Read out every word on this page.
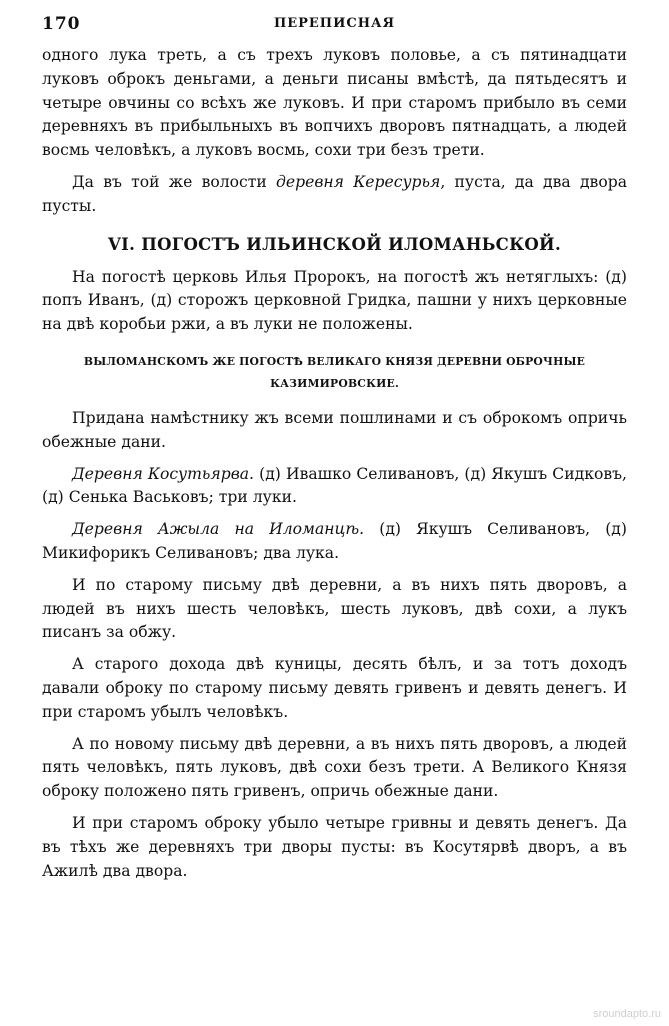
170	ПЕРЕПИСНАЯ

одного лука треть, а съ трехъ луковъ половье, а съ пятинадцати луковъ оброкъ деньгами, а деньги писаны вмѣстѣ, да пятьдесятъ и четыре овчины со всѣхъ же луковъ. И при старомъ прибыло въ семи деревняхъ въ прибыльныхъ въ вопчихъ дворовъ пятнадцать, а людей восмь человѣкъ, а луковъ восмь, сохи три безъ трети.

Да въ той же волости деревня Кересурья, пуста, да два двора пусты.

VI. ПОГОСТЪ ИЛЬИНСКОЙ ИЛОМАНЬСКОЙ.

На погостѣ церковь Илья Пророкъ, на погостѣ жъ нетяглыхъ: (д) попъ Иванъ, (д) сторожъ церковной Гридка, пашни у нихъ церковные на двѣ коробьи ржи, а въ луки не положены.

ВЫЛОМАНСКОМЪ ЖЕ ПОГОСТѢ ВЕЛИКАГО КНЯЗЯ ДЕРЕВНИ ОБРОЧНЫЕ КАЗИМИРОВСКИЕ.

Придана намѣстнику жъ всеми пошлинами и съ оброкомъ опричь обежные дани.

Деревня Косутьярва. (д) Ивашко Селивановъ, (д) Якушъ Сидковъ, (д) Сенька Васьковъ; три луки.

Деревня Ажыла на Иломанцѣ. (д) Якушъ Селивановъ, (д) Микифорикъ Селивановъ; два лука.

И по старому письму двѣ деревни, а въ нихъ пять дворовъ, а людей въ нихъ шесть человѣкъ, шесть луковъ, двѣ сохи, а лукъ писанъ за обжу.

А старого дохода двѣ куницы, десять бѣлъ, и за тотъ доходъ давали оброку по старому письму девять гривенъ и девять денегъ. И при старомъ убылъ человѣкъ.

А по новому письму двѣ деревни, а въ нихъ пять дворовъ, а людей пять человѣкъ, пять луковъ, двѣ сохи безъ трети. А Великого Князя оброку положено пять гривенъ, опричь обежные дани.

И при старомъ оброку убыло четыре гривны и девять денегъ. Да въ тѣхъ же деревняхъ три дворы пусты: въ Косутярвѣ дворъ, а въ Ажилѣ два двора.

sroundapto.ru
